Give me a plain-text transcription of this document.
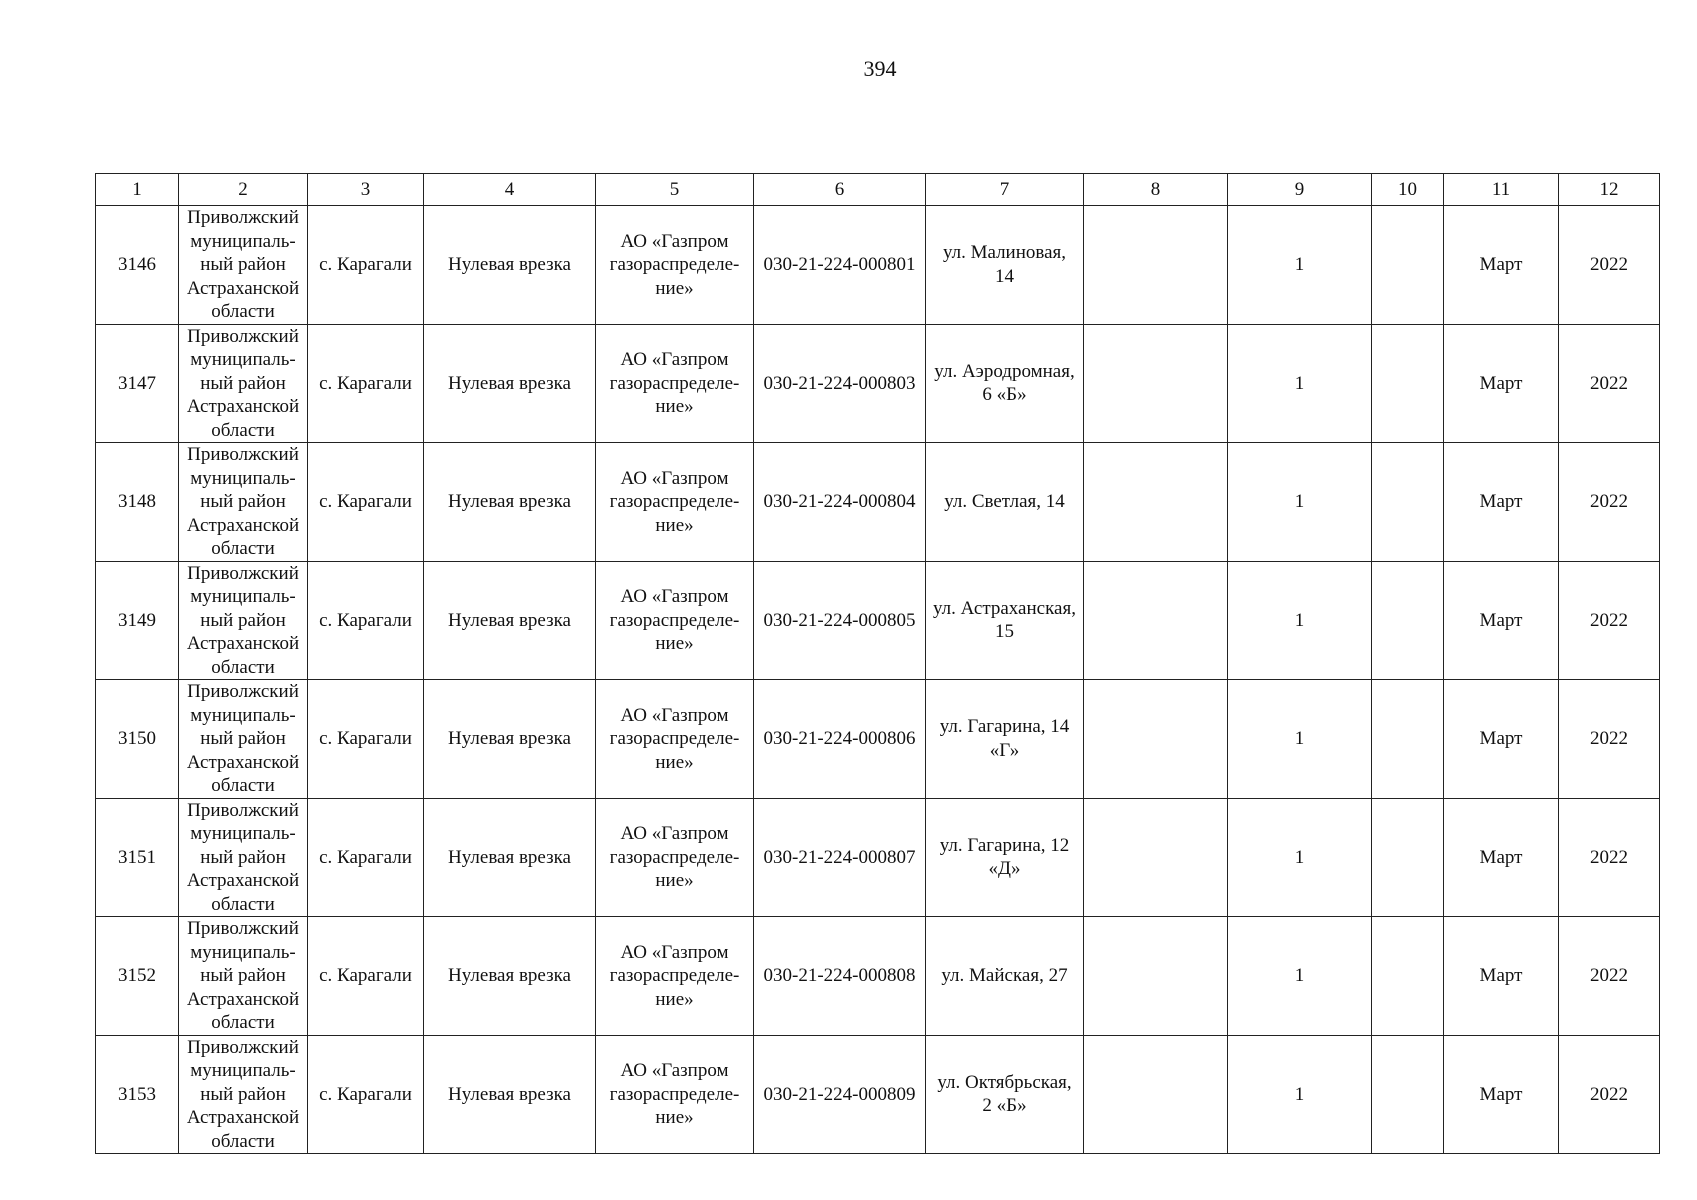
394
1	2	3	4	5	6	7	8	9	10	11	12
3146	Приволжский
муниципаль-
ный район
Астраханской
области	с. Карагали	Нулевая врезка	АО «Газпром
газораспределе-
ние»	030-21-224-000801	ул. Малиновая,
14		1		Март	2022
3147	Приволжский
муниципаль-
ный район
Астраханской
области	с. Карагали	Нулевая врезка	АО «Газпром
газораспределе-
ние»	030-21-224-000803	ул. Аэродромная,
6 «Б»		1		Март	2022
3148	Приволжский
муниципаль-
ный район
Астраханской
области	с. Карагали	Нулевая врезка	АО «Газпром
газораспределе-
ние»	030-21-224-000804	ул. Светлая, 14		1		Март	2022
3149	Приволжский
муниципаль-
ный район
Астраханской
области	с. Карагали	Нулевая врезка	АО «Газпром
газораспределе-
ние»	030-21-224-000805	ул. Астраханская,
15		1		Март	2022
3150	Приволжский
муниципаль-
ный район
Астраханской
области	с. Карагали	Нулевая врезка	АО «Газпром
газораспределе-
ние»	030-21-224-000806	ул. Гагарина, 14
«Г»		1		Март	2022
3151	Приволжский
муниципаль-
ный район
Астраханской
области	с. Карагали	Нулевая врезка	АО «Газпром
газораспределе-
ние»	030-21-224-000807	ул. Гагарина, 12
«Д»		1		Март	2022
3152	Приволжский
муниципаль-
ный район
Астраханской
области	с. Карагали	Нулевая врезка	АО «Газпром
газораспределе-
ние»	030-21-224-000808	ул. Майская, 27		1		Март	2022
3153	Приволжский
муниципаль-
ный район
Астраханской
области	с. Карагали	Нулевая врезка	АО «Газпром
газораспределе-
ние»	030-21-224-000809	ул. Октябрьская,
2 «Б»		1		Март	2022
